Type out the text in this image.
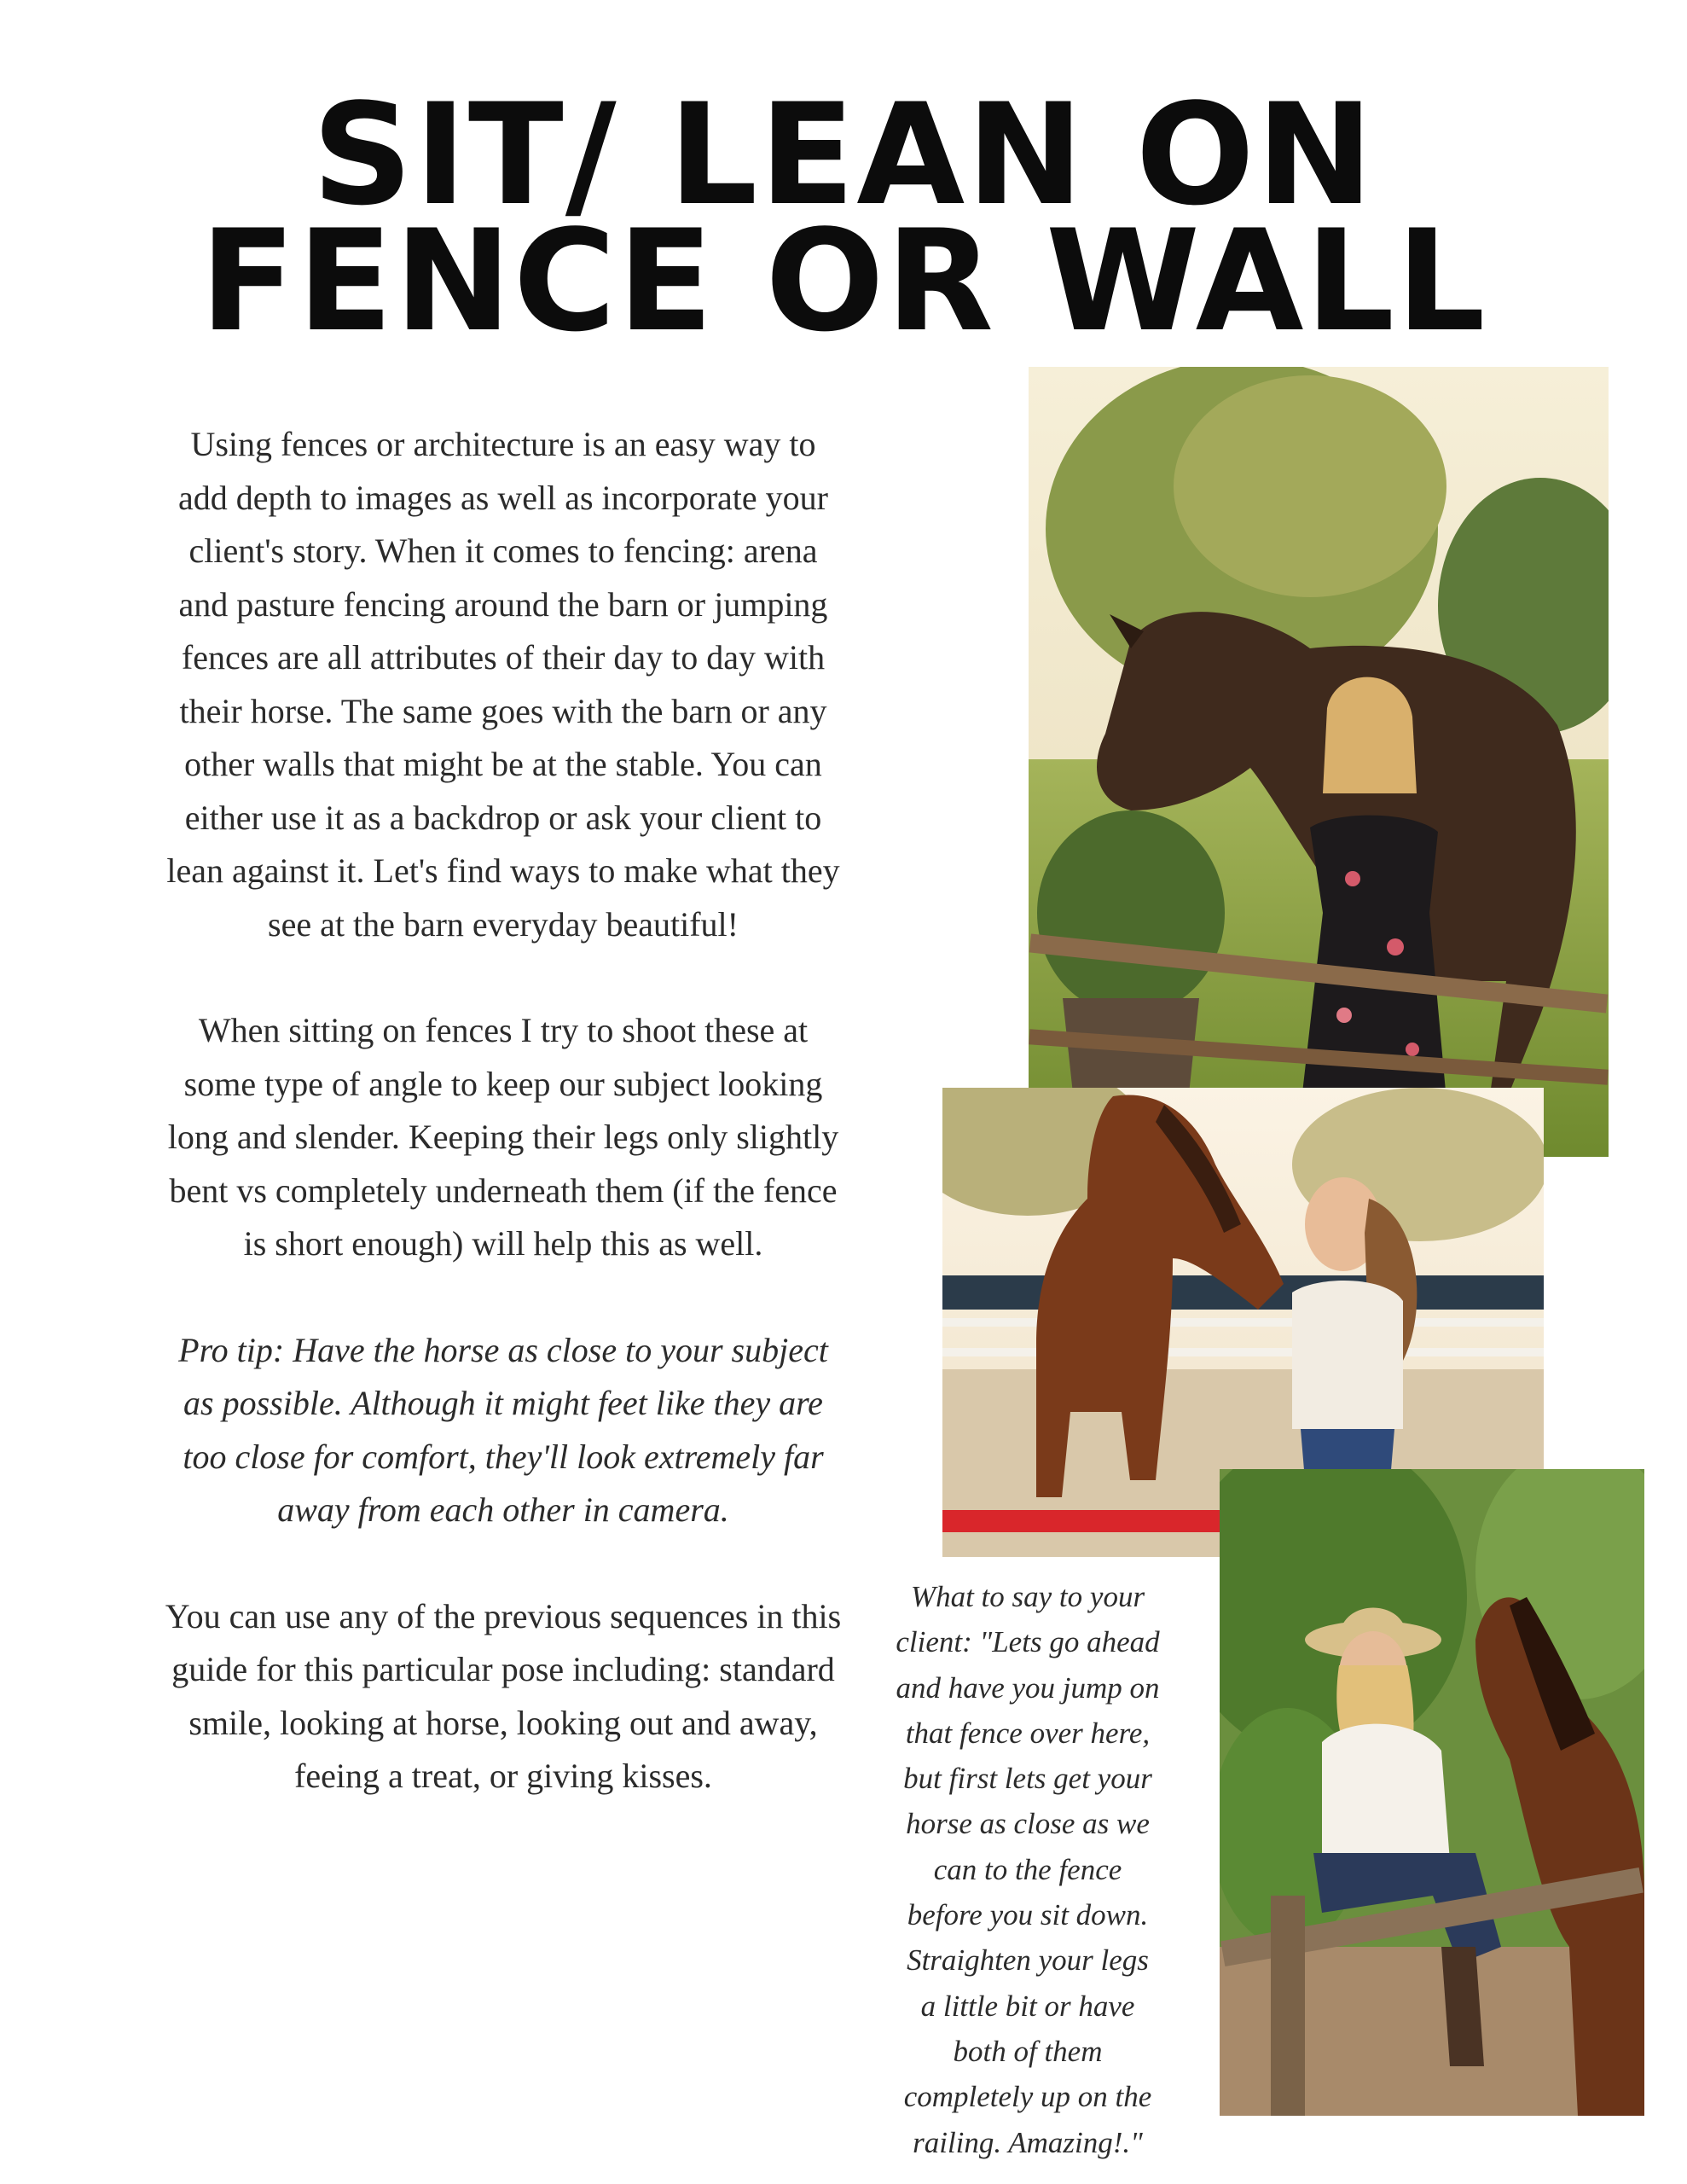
SIT/ LEAN ON
FENCE OR WALL

Using fences or architecture is an easy way to add depth to images as well as incorporate your client's story. When it comes to fencing: arena and pasture fencing around the barn or jumping fences are all attributes of their day to day with their horse. The same goes with the barn or any other walls that might be at the stable. You can either use it as a backdrop or ask your client to lean against it. Let's find ways to make what they see at the barn everyday beautiful!

When sitting on fences I try to shoot these at some type of angle to keep our subject looking long and slender. Keeping their legs only slightly bent vs completely underneath them (if the fence is short enough) will help this as well.

Pro tip: Have the horse as close to your subject as possible. Although it might feet like they are too close for comfort, they'll look extremely far away from each other in camera.

You can use any of the previous sequences in this guide for this particular pose including: standard smile, looking at horse, looking out and away, feeing a treat, or giving kisses.

What to say to your client: "Lets go ahead and have you jump on that fence over here, but first lets get your horse as close as we can to the fence before you sit down. Straighten your legs a little bit or have both of them completely up on the railing. Amazing!."
